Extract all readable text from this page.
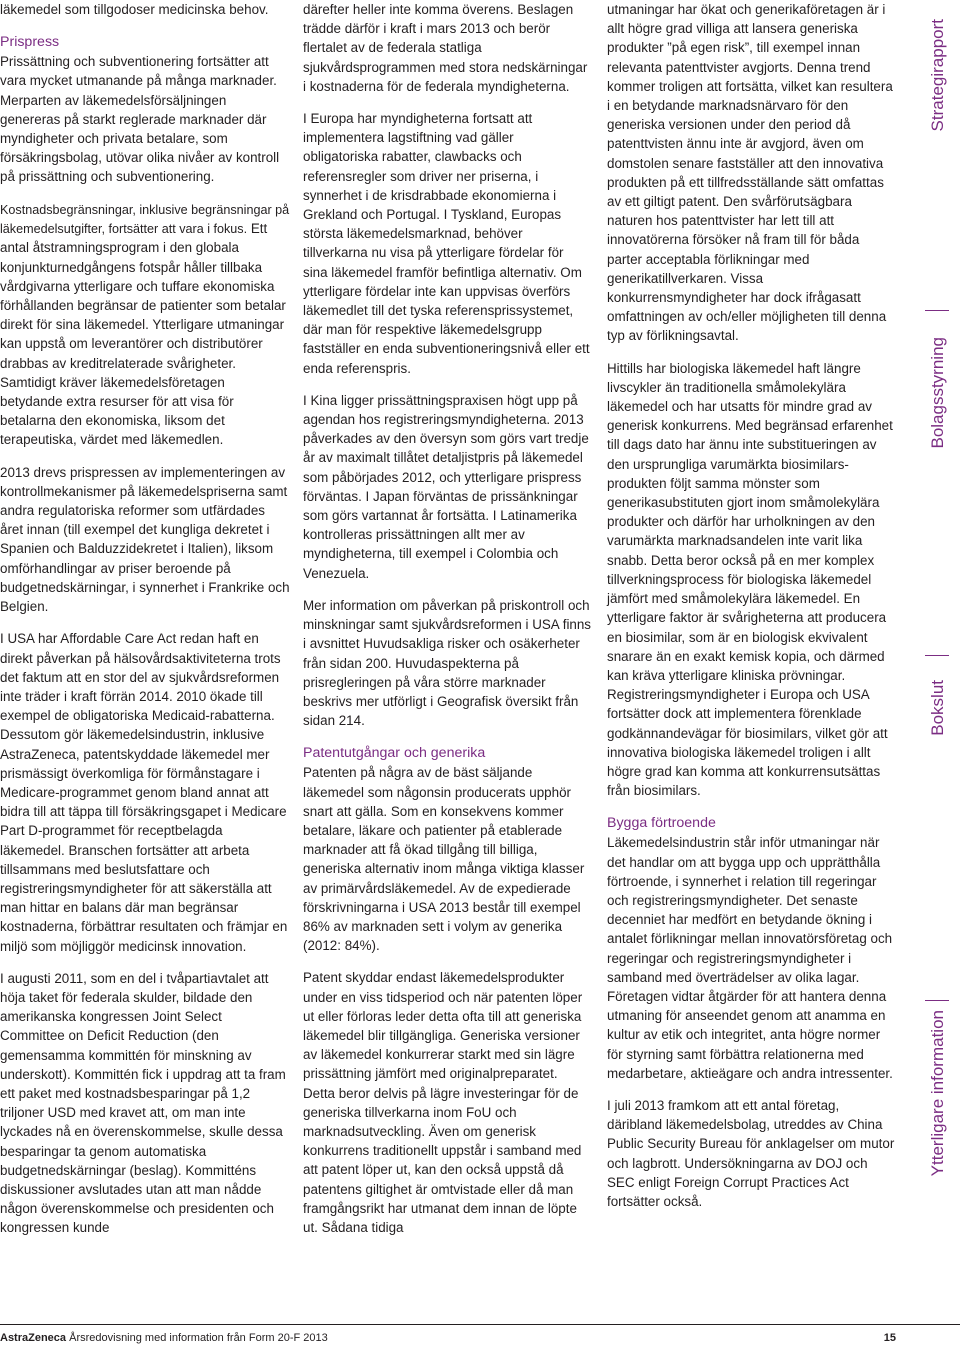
läkemedel som tillgodoser medicinska behov.

Prispress
Prissättning och subventionering fortsätter att vara mycket utmanande på många marknader. Merparten av läkemedelsförsäljningen genereras på starkt reglerade marknader där myndigheter och privata betalare, som försäkringsbolag, utövar olika nivåer av kontroll på prissättning och subventionering.

Kostnadsbegränsningar, inklusive begränsningar på läkemedelsutgifter, fortsätter att vara i fokus. Ett antal åtstramningsprogram i den globala konjunkturnedgångens fotspår håller tillbaka vårdgivarna ytterligare och tuffare ekonomiska förhållanden begränsar de patienter som betalar direkt för sina läkemedel. Ytterligare utmaningar kan uppstå om leverantörer och distributörer drabbas av kreditrelaterade svårigheter. Samtidigt kräver läkemedelsföretagen betydande extra resurser för att visa för betalarna den ekonomiska, liksom det terapeutiska, värdet med läkemedlen.

2013 drevs prispressen av implementeringen av kontrollmekanismer på läkemedelspriserna samt andra regulatoriska reformer som utfärdades året innan (till exempel det kungliga dekretet i Spanien och Balduzzidekretet i Italien), liksom omförhandlingar av priser beroende på budgetnedskärningar, i synnerhet i Frankrike och Belgien.

I USA har Affordable Care Act redan haft en direkt påverkan på hälsovårdsaktiviteterna trots det faktum att en stor del av sjukvårdsreformen inte träder i kraft förrän 2014. 2010 ökade till exempel de obligatoriska Medicaid-rabatterna. Dessutom gör läkemedelsindustrin, inklusive AstraZeneca, patentskyddade läkemedel mer prismässigt överkomliga för förmånstagare i Medicare-programmet genom bland annat att bidra till att täppa till försäkringsgapet i Medicare Part D-programmet för receptbelagda läkemedel. Branschen fortsätter att arbeta tillsammans med beslutsfattare och registreringsmyndigheter för att säkerställa att man hittar en balans där man begränsar kostnaderna, förbättrar resultaten och främjar en miljö som möjliggör medicinsk innovation.

I augusti 2011, som en del i tvåpartiavtalet att höja taket för federala skulder, bildade den amerikanska kongressen Joint Select Committee on Deficit Reduction (den gemensamma kommittén för minskning av underskott). Kommittén fick i uppdrag att ta fram ett paket med kostnadsbesparingar på 1,2 triljoner USD med kravet att, om man inte lyckades nå en överenskommelse, skulle dessa besparingar ta genom automatiska budgetnedskärningar (beslag). Kommitténs diskussioner avslutades utan att man nådde någon överenskommelse och presidenten och kongressen kunde

därefter heller inte komma överens. Beslagen trädde därför i kraft i mars 2013 och berör flertalet av de federala statliga sjukvårdsprogrammen med stora nedskärningar i kostnaderna för de federala myndigheterna.

I Europa har myndigheterna fortsatt att implementera lagstiftning vad gäller obligatoriska rabatter, clawbacks och referensregler som driver ner priserna, i synnerhet i de krisdrabbade ekonomierna i Grekland och Portugal. I Tyskland, Europas största läkemedelsmarknad, behöver tillverkarna nu visa på ytterligare fördelar för sina läkemedel framför befintliga alternativ. Om ytterligare fördelar inte kan uppvisas överförs läkemedlet till det tyska referensprissystemet, där man för respektive läkemedelsgrupp fastställer en enda subventioneringsnivå eller ett enda referenspris.

I Kina ligger prissättningspraxisen högt upp på agendan hos registreringsmyndigheterna. 2013 påverkades av den översyn som görs vart tredje år av maximalt tillåtet detaljistpris på läkemedel som påbörjades 2012, och ytterligare prispress förväntas. I Japan förväntas de prissänkningar som görs vartannat år fortsätta. I Latinamerika kontrolleras prissättningen allt mer av myndigheterna, till exempel i Colombia och Venezuela.

Mer information om påverkan på priskontroll och minskningar samt sjukvårdsreformen i USA finns i avsnittet Huvudsakliga risker och osäkerheter från sidan 200. Huvudaspekterna på prisregleringen på våra större marknader beskrivs mer utförligt i Geografisk översikt från sidan 214.

Patentutgångar och generika
Patenten på några av de bäst säljande läkemedel som någonsin producerats upphör snart att gälla. Som en konsekvens kommer betalare, läkare och patienter på etablerade marknader att få ökad tillgång till billiga, generiska alternativ inom många viktiga klasser av primärvårdsläkemedel. Av de expedierade förskrivningarna i USA 2013 består till exempel 86% av marknaden sett i volym av generika (2012: 84%).

Patent skyddar endast läkemedelsprodukter under en viss tidsperiod och när patenten löper ut eller förloras leder detta ofta till att generiska läkemedel blir tillgängliga. Generiska versioner av läkemedel konkurrerar starkt med sin lägre prissättning jämfört med originalpreparatet. Detta beror delvis på lägre investeringar för de generiska tillverkarna inom FoU och marknadsutveckling. Även om generisk konkurrens traditionellt uppstår i samband med att patent löper ut, kan den också uppstå då patentens giltighet är omtvistade eller då man framgångsrikt har utmanat dem innan de löpte ut. Sådana tidiga

utmaningar har ökat och generikaföretagen är i allt högre grad villiga att lansera generiska produkter ”på egen risk”, till exempel innan relevanta patenttvister avgjorts. Denna trend kommer troligen att fortsätta, vilket kan resultera i en betydande marknadsnärvaro för den generiska versionen under den period då patenttvisten ännu inte är avgjord, även om domstolen senare fastställer att den innovativa produkten på ett tillfredsställande sätt omfattas av ett giltigt patent. Den svårförutsägbara naturen hos patenttvister har lett till att innovatörerna försöker nå fram till för båda parter acceptabla förlikningar med generikatillverkaren. Vissa konkurrensmyndigheter har dock ifrågasatt omfattningen av och/eller möjligheten till denna typ av förlikningsavtal.

Hittills har biologiska läkemedel haft längre livscykler än traditionella småmolekylära läkemedel och har utsatts för mindre grad av generisk konkurrens. Med begränsad erfarenhet till dags dato har ännu inte substitueringen av den ursprungliga varumärkta biosimilars-produkten följt samma mönster som generikasubstituten gjort inom småmolekylära produkter och därför har urholkningen av den varumärkta marknadsandelen inte varit lika snabb. Detta beror också på en mer komplex tillverkningsprocess för biologiska läkemedel jämfört med småmolekylära läkemedel. En ytterligare faktor är svårigheterna att producera en biosimilar, som är en biologisk ekvivalent snarare än en exakt kemisk kopia, och därmed kan kräva ytterligare kliniska prövningar. Registreringsmyndigheter i Europa och USA fortsätter dock att implementera förenklade godkännandevägar för biosimilars, vilket gör att innovativa biologiska läkemedel troligen i allt högre grad kan komma att konkurrensutsättas från biosimilars.

Bygga förtroende
Läkemedelsindustrin står inför utmaningar när det handlar om att bygga upp och upprätthålla förtroende, i synnerhet i relation till regeringar och registreringsmyndigheter. Det senaste decenniet har medfört en betydande ökning i antalet förlikningar mellan innovatörsföretag och regeringar och registreringsmyndigheter i samband med överträdelser av olika lagar. Företagen vidtar åtgärder för att hantera denna utmaning för anseendet genom att anamma en kultur av etik och integritet, anta högre normer för styrning samt förbättra relationerna med medarbetare, aktieägare och andra intressenter.

I juli 2013 framkom att ett antal företag, däribland läkemedelsbolag, utreddes av China Public Security Bureau för anklagelser om mutor och lagbrott. Undersökningarna av DOJ och SEC enligt Foreign Corrupt Practices Act fortsätter också.

Strategirapport
Bolagsstyrning
Bokslut
Ytterligare information
AstraZeneca Årsredovisning med information från Form 20-F 2013	15
